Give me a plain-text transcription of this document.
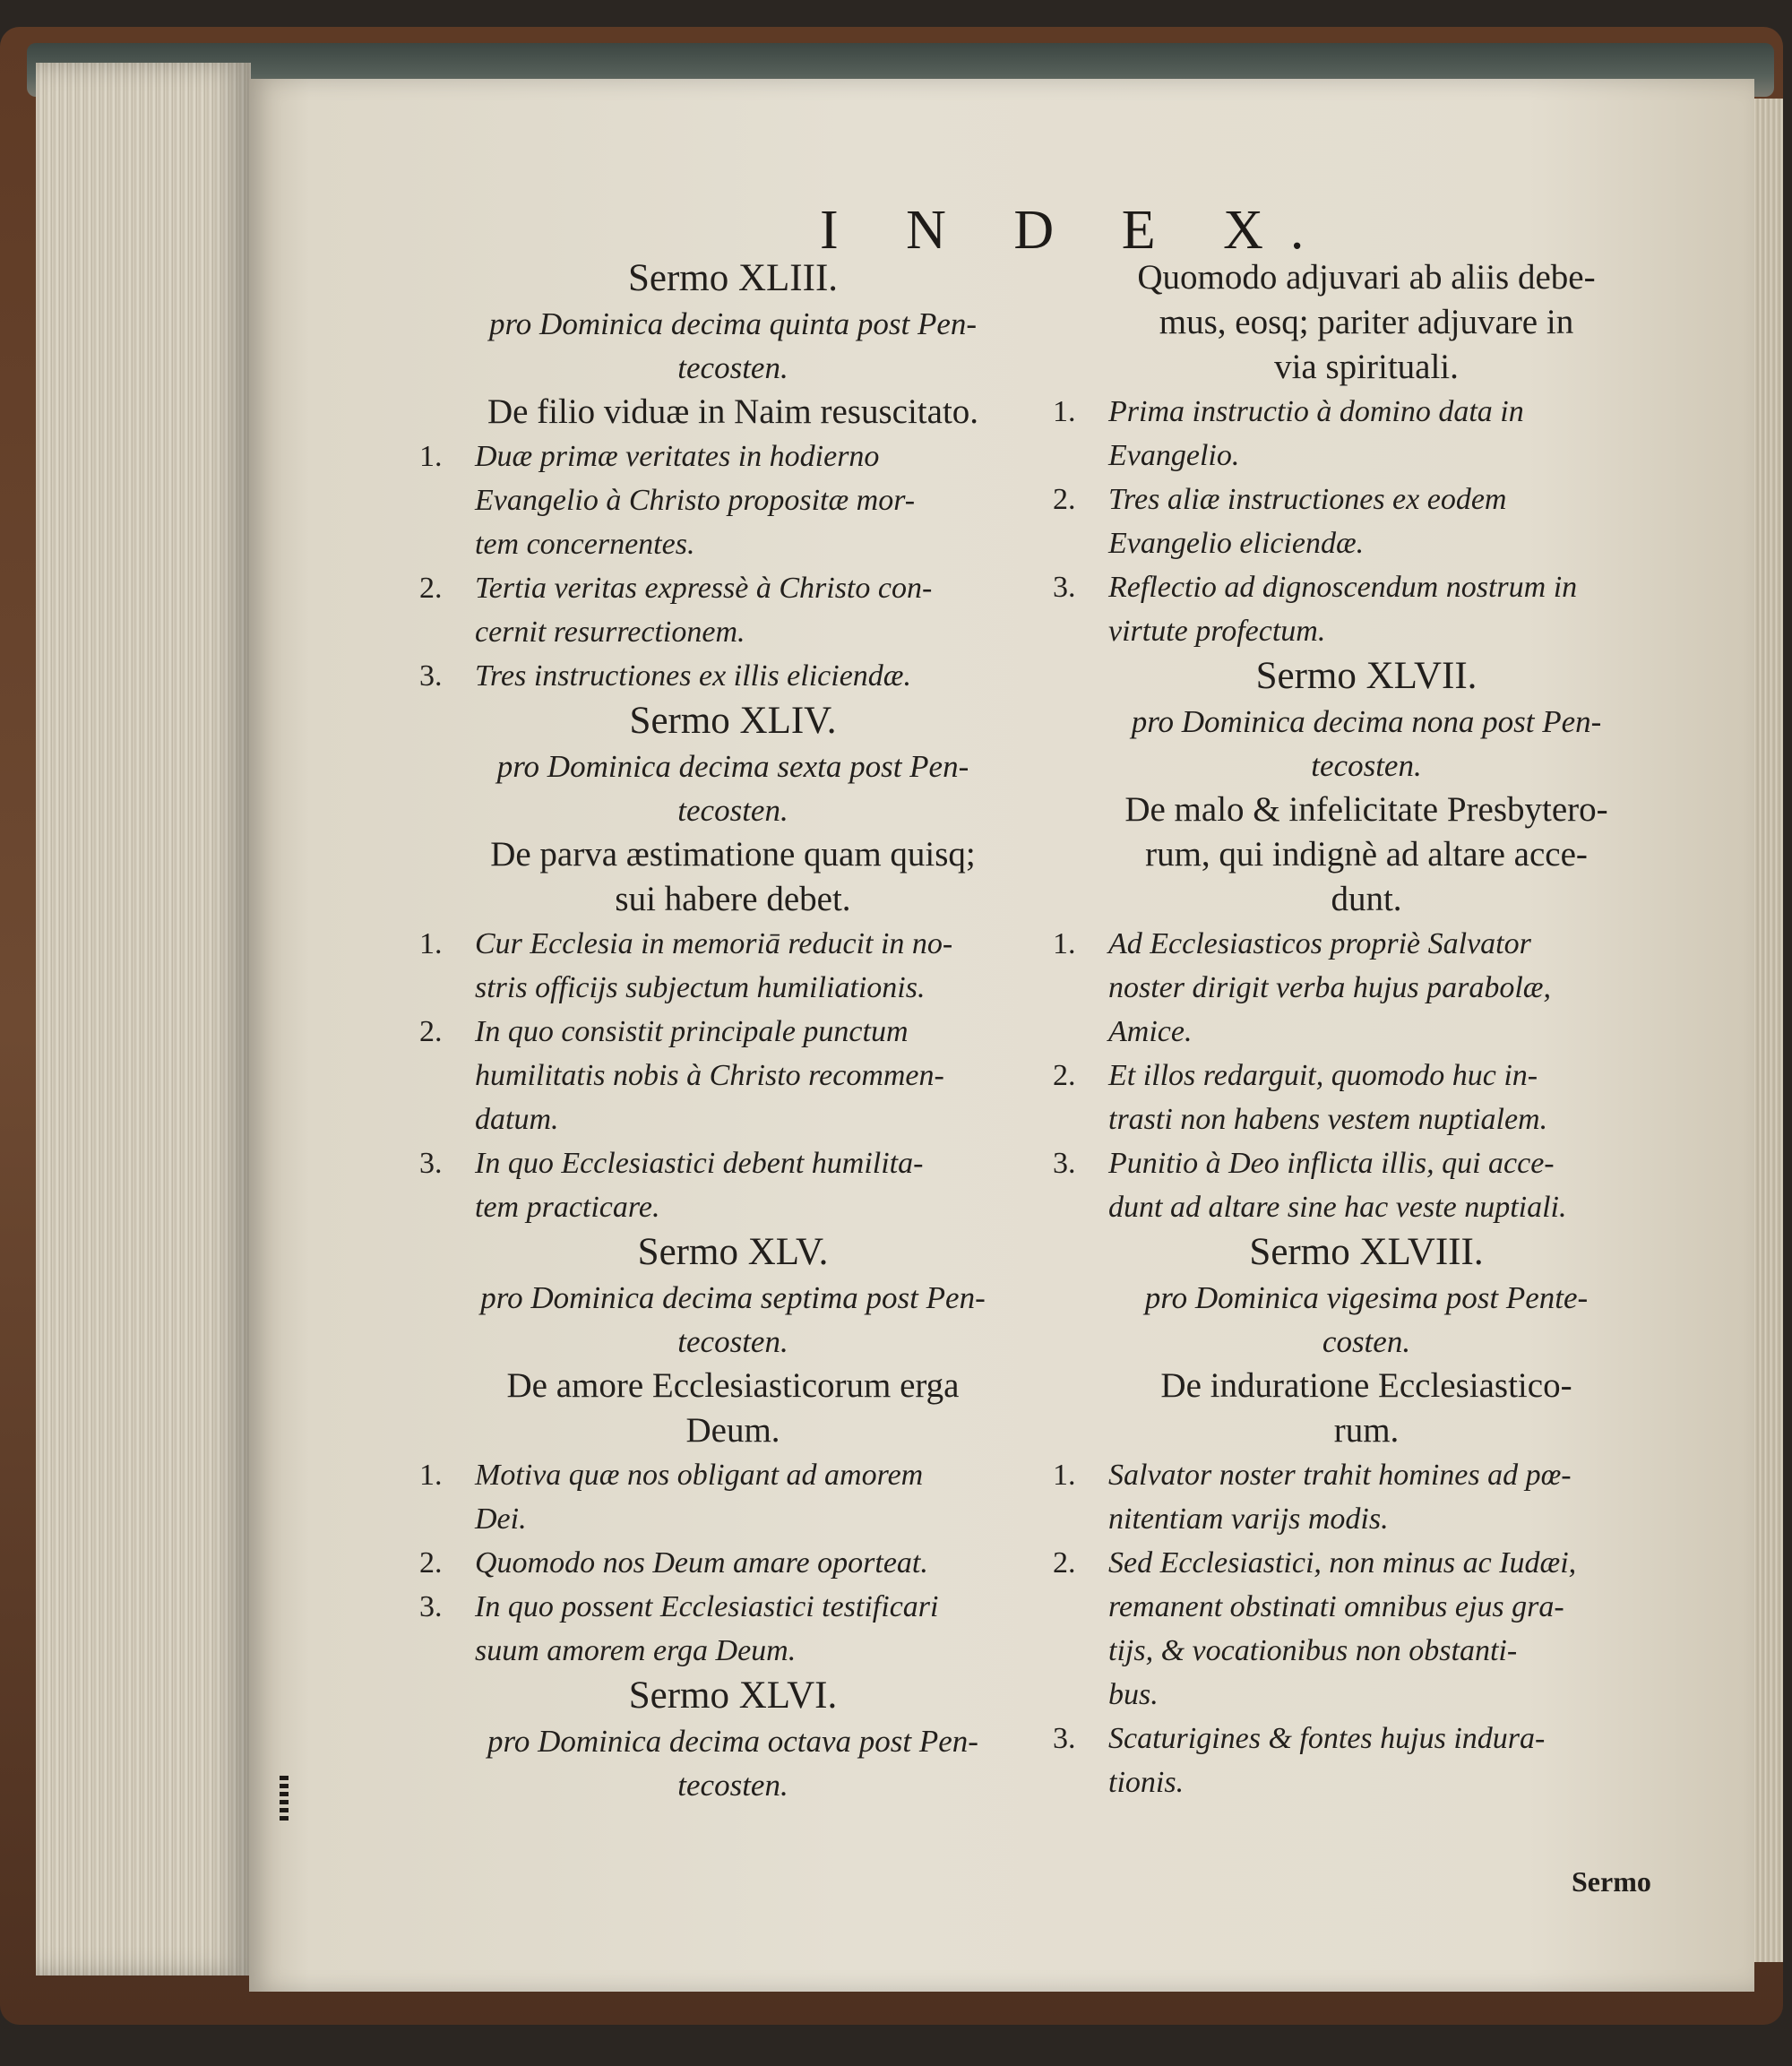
I N D E X.
Sermo XLIII.
pro Dominica decima quinta post Pen-
tecosten.
De filio viduæ in Naim resuscitato.
1. Duæ primæ veritates in hodierno
Evangelio à Christo propositæ mor-
tem concernentes.
2. Tertia veritas expressè à Christo con-
cernit resurrectionem.
3. Tres instructiones ex illis eliciendæ.
Sermo XLIV.
pro Dominica decima sexta post Pen-
tecosten.
De parva æstimatione quam quisq;
sui habere debet.
1. Cur Ecclesia in memoriā reducit in no-
stris officijs subjectum humiliationis.
2. In quo consistit principale punctum
humilitatis nobis à Christo recommen-
datum.
3. In quo Ecclesiastici debent humilita-
tem practicare.
Sermo XLV.
pro Dominica decima septima post Pen-
tecosten.
De amore Ecclesiasticorum erga
Deum.
1. Motiva quæ nos obligant ad amorem
Dei.
2. Quomodo nos Deum amare oporteat.
3. In quo possent Ecclesiastici testificari
suum amorem erga Deum.
Sermo XLVI.
pro Dominica decima octava post Pen-
tecosten.
Quomodo adjuvari ab aliis debe-
mus, eosq; pariter adjuvare in
via spirituali.
1. Prima instructio à domino data in
Evangelio.
2. Tres aliæ instructiones ex eodem
Evangelio eliciendæ.
3. Reflectio ad dignoscendum nostrum in
virtute profectum.
Sermo XLVII.
pro Dominica decima nona post Pen-
tecosten.
De malo & infelicitate Presbytero-
rum, qui indignè ad altare acce-
dunt.
1. Ad Ecclesiasticos propriè Salvator
noster dirigit verba hujus parabolæ,
Amice.
2. Et illos redarguit, quomodo huc in-
trasti non habens vestem nuptialem.
3. Punitio à Deo inflicta illis, qui acce-
dunt ad altare sine hac veste nuptiali.
Sermo XLVIII.
pro Dominica vigesima post Pente-
costen.
De induratione Ecclesiastico-
rum.
1. Salvator noster trahit homines ad pœ-
nitentiam varijs modis.
2. Sed Ecclesiastici, non minus ac Iudæi,
remanent obstinati omnibus ejus gra-
tijs, & vocationibus non obstanti-
bus.
3. Scaturigines & fontes hujus indura-
tionis.
Sermo
